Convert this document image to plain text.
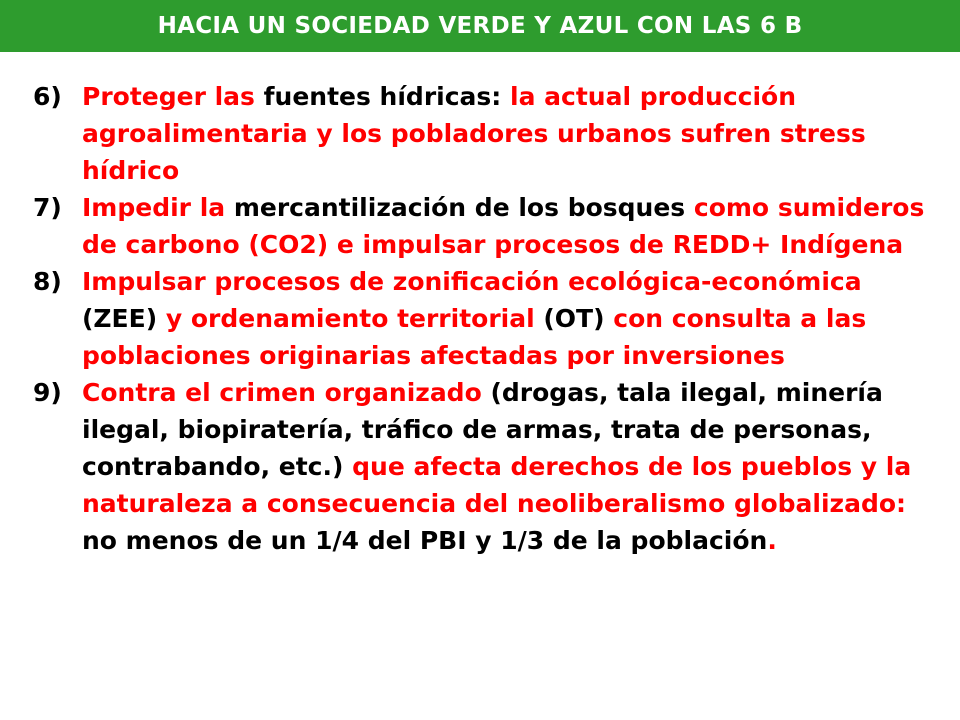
HACIA UN SOCIEDAD VERDE Y AZUL CON LAS 6 B
6) Proteger las fuentes hídricas: la actual producción agroalimentaria y los pobladores urbanos sufren stress hídrico
7) Impedir la mercantilización de los bosques como sumideros de carbono (CO2) e impulsar procesos de REDD+ Indígena
8) Impulsar procesos de zonificación ecológica-económica (ZEE) y ordenamiento territorial (OT) con consulta a las poblaciones originarias afectadas por inversiones
9) Contra el crimen organizado (drogas, tala ilegal, minería ilegal, biopiratería, tráfico de armas, trata de personas, contrabando, etc.) que afecta derechos de los pueblos y la naturaleza a consecuencia del neoliberalismo globalizado: no menos de un 1/4 del PBI y 1/3 de la población.
